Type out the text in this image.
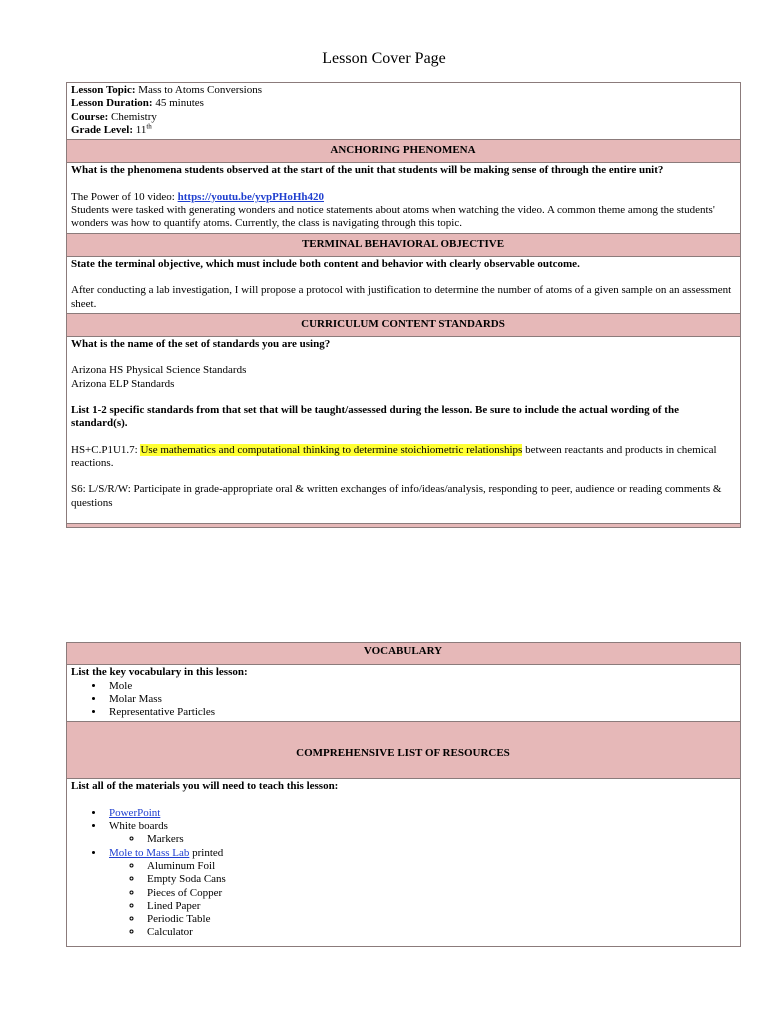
Lesson Cover Page
Lesson Topic: Mass to Atoms Conversions
Lesson Duration: 45 minutes
Course: Chemistry
Grade Level: 11th

ANCHORING PHENOMENA

What is the phenomena students observed at the start of the unit that students will be making sense of through the entire unit?
The Power of 10 video: https://youtu.be/yvpPHoHh420
Students were tasked with generating wonders and notice statements about atoms when watching the video. A common theme among the students' wonders was how to quantify atoms. Currently, the class is navigating through this topic.

TERMINAL BEHAVIORAL OBJECTIVE

State the terminal objective, which must include both content and behavior with clearly observable outcome.
After conducting a lab investigation, I will propose a protocol with justification to determine the number of atoms of a given sample on an assessment sheet.

CURRICULUM CONTENT STANDARDS

What is the name of the set of standards you are using?
Arizona HS Physical Science Standards
Arizona ELP Standards
List 1-2 specific standards from that set that will be taught/assessed during the lesson. Be sure to include the actual wording of the standard(s).
HS+C.P1U1.7: Use mathematics and computational thinking to determine stoichiometric relationships between reactants and products in chemical reactions.
S6: L/S/R/W: Participate in grade-appropriate oral & written exchanges of info/ideas/analysis, responding to peer, audience or reading comments & questions

VOCABULARY

List the key vocabulary in this lesson:
• Mole
• Molar Mass
• Representative Particles

COMPREHENSIVE LIST OF RESOURCES

List all of the materials you will need to teach this lesson:
• PowerPoint
• White boards
◦ Markers
• Mole to Mass Lab printed
◦ Aluminum Foil
◦ Empty Soda Cans
◦ Pieces of Copper
◦ Lined Paper
◦ Periodic Table
◦ Calculator
